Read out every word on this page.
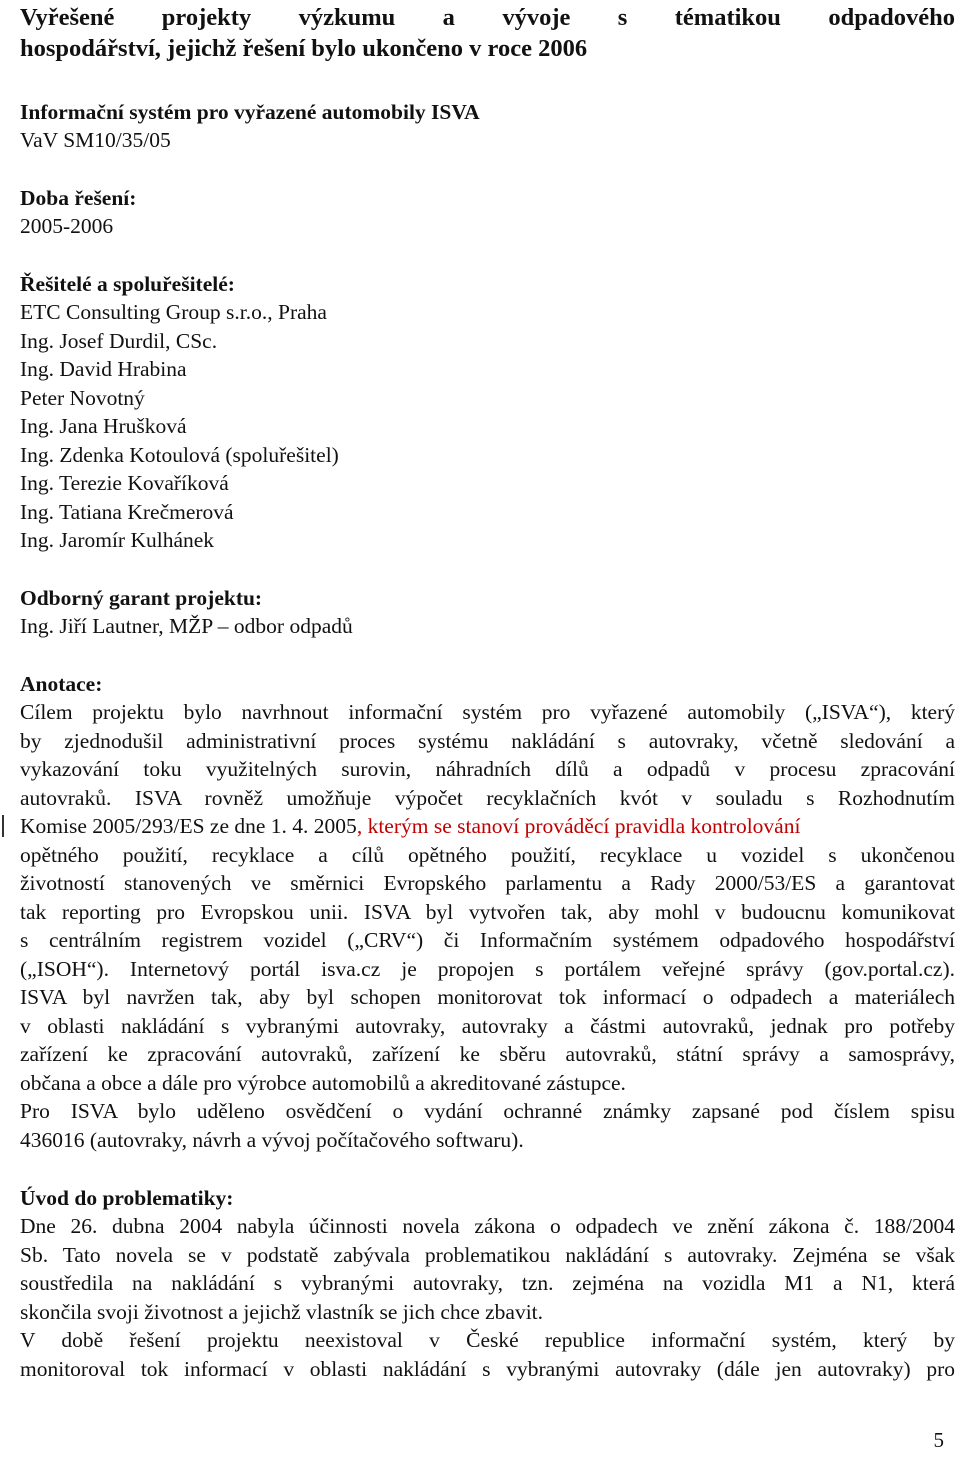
Vyřešené projekty výzkumu a vývoje s tématikou odpadového
hospodářství, jejichž řešení bylo ukončeno v roce 2006
Informační systém pro vyřazené automobily ISVA
VaV SM10/35/05
Doba řešení:
2005-2006
Řešitelé a spoluřešitelé:
ETC Consulting Group s.r.o., Praha
Ing. Josef Durdil, CSc.
Ing. David Hrabina
Peter Novotný
Ing. Jana Hrušková
Ing. Zdenka Kotoulová (spoluřešitel)
Ing. Terezie Kovaříková
Ing. Tatiana Krečmerová
Ing. Jaromír Kulhánek
Odborný garant projektu:
Ing. Jiří Lautner, MŽP – odbor odpadů
Anotace:
Cílem projektu bylo navrhnout informační systém pro vyřazené automobily („ISVA“), který
by zjednodušil administrativní proces systému nakládání s autovraky, včetně sledování a
vykazování toku využitelných surovin, náhradních dílů a odpadů v procesu zpracování
autovraků. ISVA rovněž umožňuje výpočet recyklačních kvót v souladu s Rozhodnutím
Komise 2005/293/ES ze dne 1. 4. 2005, kterým se stanoví prováděcí pravidla kontrolování
opětného použití, recyklace a cílů opětného použití, recyklace u vozidel s ukončenou
životností stanovených ve směrnici Evropského parlamentu a Rady 2000/53/ES a garantovat
tak reporting pro Evropskou unii. ISVA byl vytvořen tak, aby mohl v budoucnu komunikovat
s centrálním registrem vozidel („CRV“) či Informačním systémem odpadového hospodářství
(„ISOH“). Internetový portál isva.cz je propojen s portálem veřejné správy (gov.portal.cz).
ISVA byl navržen tak, aby byl schopen monitorovat tok informací o odpadech a materiálech
v oblasti nakládání s vybranými autovraky, autovraky a částmi autovraků, jednak pro potřeby
zařízení ke zpracování autovraků, zařízení ke sběru autovraků, státní správy a samosprávy,
občana a obce a dále pro výrobce automobilů a akreditované zástupce.
Pro ISVA bylo uděleno osvědčení o vydání ochranné známky zapsané pod číslem spisu
436016 (autovraky, návrh a vývoj počítačového softwaru).
Úvod do problematiky:
Dne 26. dubna 2004 nabyla účinnosti novela zákona o odpadech ve znění zákona č. 188/2004
Sb. Tato novela se v podstatě zabývala problematikou nakládání s autovraky. Zejména se však
soustředila na nakládání s vybranými autovraky, tzn. zejména na vozidla M1 a N1, která
skončila svoji životnost a jejichž vlastník se jich chce zbavit.
V době řešení projektu neexistoval v České republice informační systém, který by
monitoroval tok informací v oblasti nakládání s vybranými autovraky (dále jen autovraky) pro
5
